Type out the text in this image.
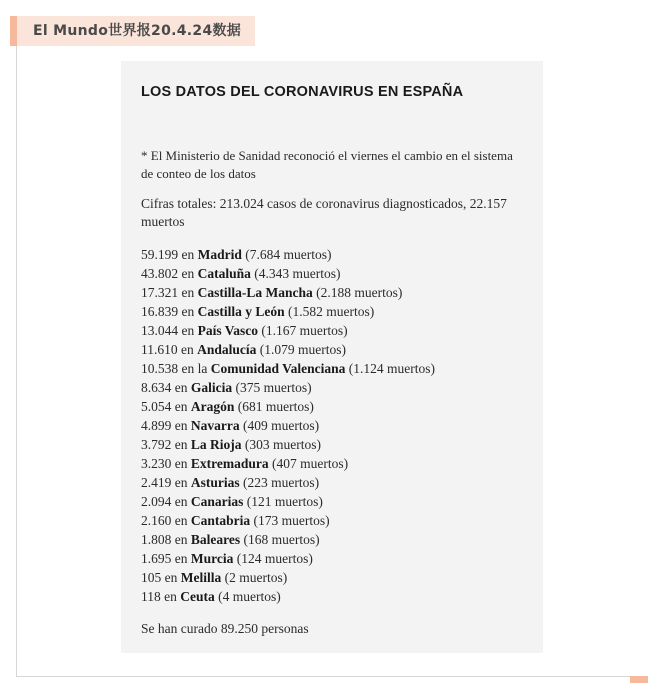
El Mundo世界报20.4.24数据
LOS DATOS DEL CORONAVIRUS EN ESPAÑA
* El Ministerio de Sanidad reconoció el viernes el cambio en el sistema de conteo de los datos
Cifras totales: 213.024 casos de coronavirus diagnosticados, 22.157 muertos
59.199 en Madrid (7.684 muertos)
43.802 en Cataluña (4.343 muertos)
17.321 en Castilla-La Mancha (2.188 muertos)
16.839 en Castilla y León (1.582 muertos)
13.044 en País Vasco (1.167 muertos)
11.610 en Andalucía (1.079 muertos)
10.538 en la Comunidad Valenciana (1.124 muertos)
8.634 en Galicia (375 muertos)
5.054 en Aragón (681 muertos)
4.899 en Navarra (409 muertos)
3.792 en La Rioja (303 muertos)
3.230 en Extremadura (407 muertos)
2.419 en Asturias (223 muertos)
2.094 en Canarias (121 muertos)
2.160 en Cantabria (173 muertos)
1.808 en Baleares (168 muertos)
1.695 en Murcia (124 muertos)
105 en Melilla (2 muertos)
118 en Ceuta (4 muertos)
Se han curado 89.250 personas
